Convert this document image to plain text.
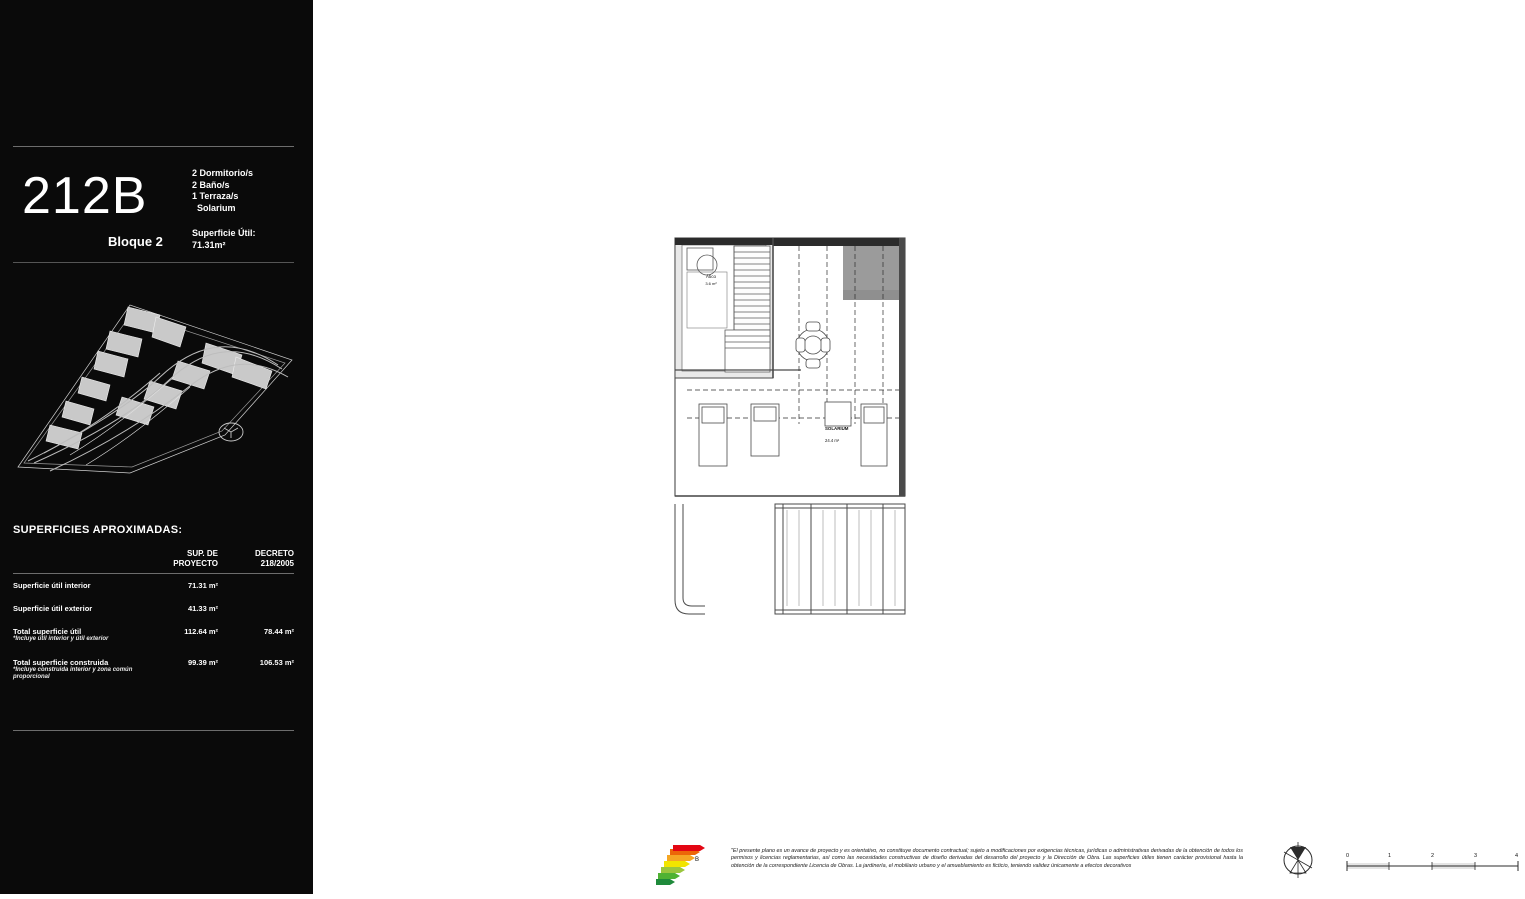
212B
Bloque 2
2 Dormitorio/s
2 Baño/s
1 Terraza/s
Solarium
Superficie Útil:
71.31m²
SUPERFICIES APROXIMADAS:

SUP. DE
PROYECTO

DECRETO
218/2005

Superficie útil interior	71.31 m²	
Superficie útil exterior	41.33 m²	
Total superficie útil
*Incluye útil interior y útil exterior	112.64 m²	78.44 m²
Total superficie construida
*Incluye construida interior y zona común proporcional	99.39 m²	106.53 m²
Ático
3.6 m²
SOLARIUM
24.4 m²
B
"El presente plano es un avance de proyecto y es orientativo, no constituye documento contractual; sujeto a modificaciones por exigencias técnicas, jurídicas o administrativas derivadas de la obtención de todos los permisos y licencias reglamentarias, así como las necesidades constructivas de diseño derivadas del desarrollo del proyecto y la Dirección de Obra. Las superficies útiles tienen carácter provisional hasta la obtención de la correspondiente Licencia de Obras. La jardinería, el mobiliario urbano y el amueblamiento es ficticio, teniendo validez únicamente a efectos decorativos
0	1	2	3	4
